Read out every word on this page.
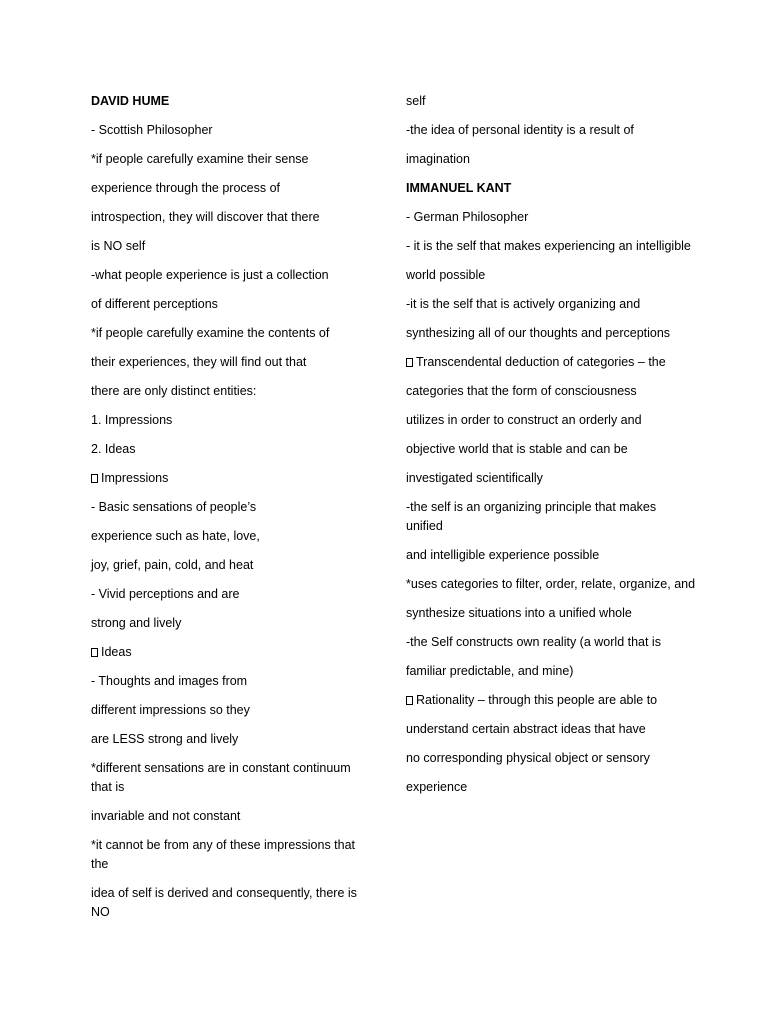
DAVID HUME
- Scottish Philosopher
*if people carefully examine their sense
experience through the process of
introspection, they will discover that there
is NO self
-what people experience is just a collection
of different perceptions
*if people carefully examine the contents of
their experiences, they will find out that
there are only distinct entities:
1. Impressions
2. Ideas
Impressions
- Basic sensations of people’s
experience such as hate, love,
joy, grief, pain, cold, and heat
- Vivid perceptions and are
strong and lively
Ideas
- Thoughts and images from
different impressions so they
are LESS strong and lively
*different sensations are in constant continuum that is
invariable and not constant
*it cannot be from any of these impressions that the
idea of self is derived and consequently, there is NO
self
-the idea of personal identity is a result of
imagination
IMMANUEL KANT
- German Philosopher
- it is the self that makes experiencing an intelligible
world possible
-it is the self that is actively organizing and
synthesizing all of our thoughts and perceptions
Transcendental deduction of categories – the
categories that the form of consciousness
utilizes in order to construct an orderly and
objective world that is stable and can be
investigated scientifically
-the self is an organizing principle that makes unified
and intelligible experience possible
*uses categories to filter, order, relate, organize, and
synthesize situations into a unified whole
-the Self constructs own reality (a world that is
familiar predictable, and mine)
Rationality – through this people are able to
understand certain abstract ideas that have
no corresponding physical object or sensory
experience
